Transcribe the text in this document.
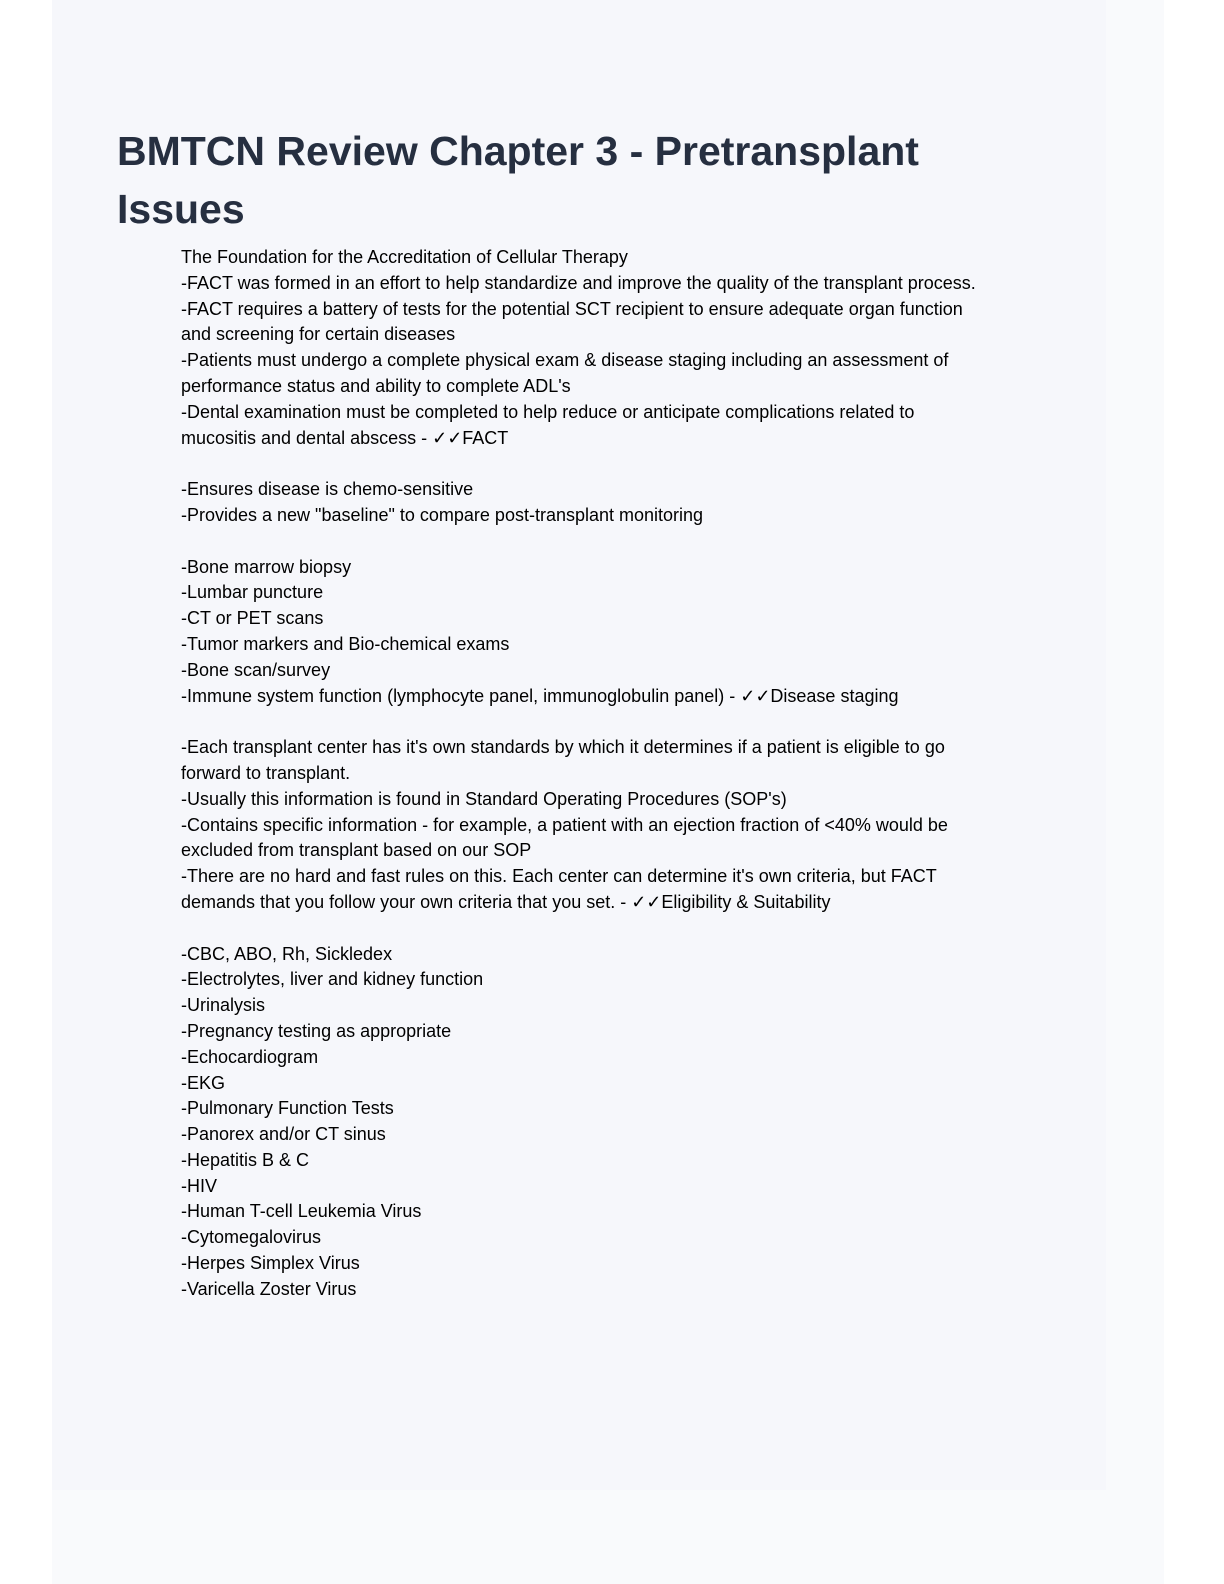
BMTCN Review Chapter 3 - Pretransplant Issues
The Foundation for the Accreditation of Cellular Therapy
-FACT was formed in an effort to help standardize and improve the quality of the transplant process.
-FACT requires a battery of tests for the potential SCT recipient to ensure adequate organ function
and screening for certain diseases
-Patients must undergo a complete physical exam & disease staging including an assessment of
performance status and ability to complete ADL's
-Dental examination must be completed to help reduce or anticipate complications related to
mucositis and dental abscess - ✓✓FACT
-Ensures disease is chemo-sensitive
-Provides a new "baseline" to compare post-transplant monitoring
-Bone marrow biopsy
-Lumbar puncture
-CT or PET scans
-Tumor markers and Bio-chemical exams
-Bone scan/survey
-Immune system function (lymphocyte panel, immunoglobulin panel) - ✓✓Disease staging
-Each transplant center has it's own standards by which it determines if a patient is eligible to go
forward to transplant.
-Usually this information is found in Standard Operating Procedures (SOP's)
-Contains specific information - for example, a patient with an ejection fraction of <40% would be
excluded from transplant based on our SOP
-There are no hard and fast rules on this. Each center can determine it's own criteria, but FACT
demands that you follow your own criteria that you set. - ✓✓Eligibility & Suitability
-CBC, ABO, Rh, Sickledex
-Electrolytes, liver and kidney function
-Urinalysis
-Pregnancy testing as appropriate
-Echocardiogram
-EKG
-Pulmonary Function Tests
-Panorex and/or CT sinus
-Hepatitis B & C
-HIV
-Human T-cell Leukemia Virus
-Cytomegalovirus
-Herpes Simplex Virus
-Varicella Zoster Virus
